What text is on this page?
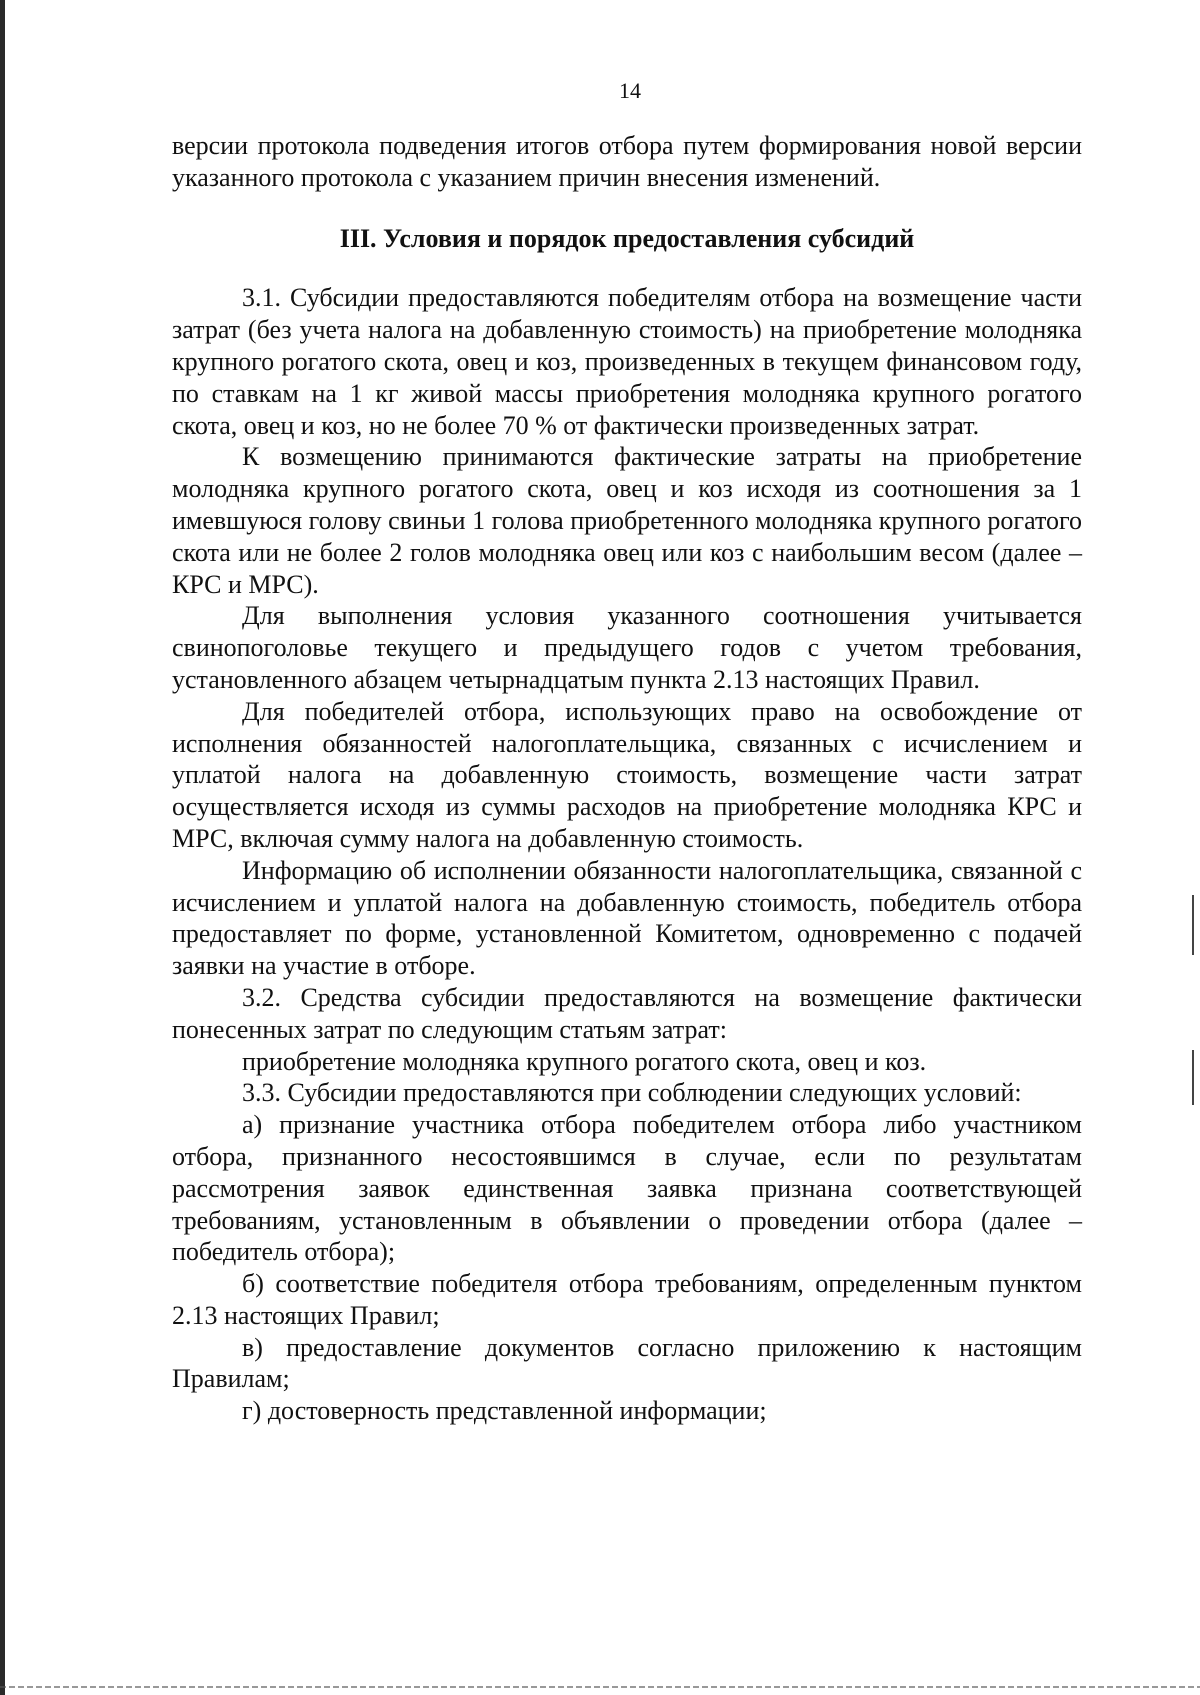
14

версии протокола подведения итогов отбора путем формирования новой версии указанного протокола с указанием причин внесения изменений.

III. Условия и порядок предоставления субсидий

3.1. Субсидии предоставляются победителям отбора на возмещение части затрат (без учета налога на добавленную стоимость) на приобретение молодняка крупного рогатого скота, овец и коз, произведенных в текущем финансовом году, по ставкам на 1 кг живой массы приобретения молодняка крупного рогатого скота, овец и коз, но не более 70 % от фактически произведенных затрат.

К возмещению принимаются фактические затраты на приобретение молодняка крупного рогатого скота, овец и коз исходя из соотношения за 1 имевшуюся голову свиньи 1 голова приобретенного молодняка крупного рогатого скота или не более 2 голов молодняка овец или коз с наибольшим весом (далее – КРС и МРС).

Для выполнения условия указанного соотношения учитывается свинопоголовье текущего и предыдущего годов с учетом требования, установленного абзацем четырнадцатым пункта 2.13 настоящих Правил.

Для победителей отбора, использующих право на освобождение от исполнения обязанностей налогоплательщика, связанных с исчислением и уплатой налога на добавленную стоимость, возмещение части затрат осуществляется исходя из суммы расходов на приобретение молодняка КРС и МРС, включая сумму налога на добавленную стоимость.

Информацию об исполнении обязанности налогоплательщика, связанной с исчислением и уплатой налога на добавленную стоимость, победитель отбора предоставляет по форме, установленной Комитетом, одновременно с подачей заявки на участие в отборе.

3.2. Средства субсидии предоставляются на возмещение фактически понесенных затрат по следующим статьям затрат:

приобретение молодняка крупного рогатого скота, овец и коз.

3.3. Субсидии предоставляются при соблюдении следующих условий:

а) признание участника отбора победителем отбора либо участником отбора, признанного несостоявшимся в случае, если по результатам рассмотрения заявок единственная заявка признана соответствующей требованиям, установленным в объявлении о проведении отбора (далее – победитель отбора);

б) соответствие победителя отбора требованиям, определенным пунктом 2.13 настоящих Правил;

в) предоставление документов согласно приложению к настоящим Правилам;

г) достоверность представленной информации;
